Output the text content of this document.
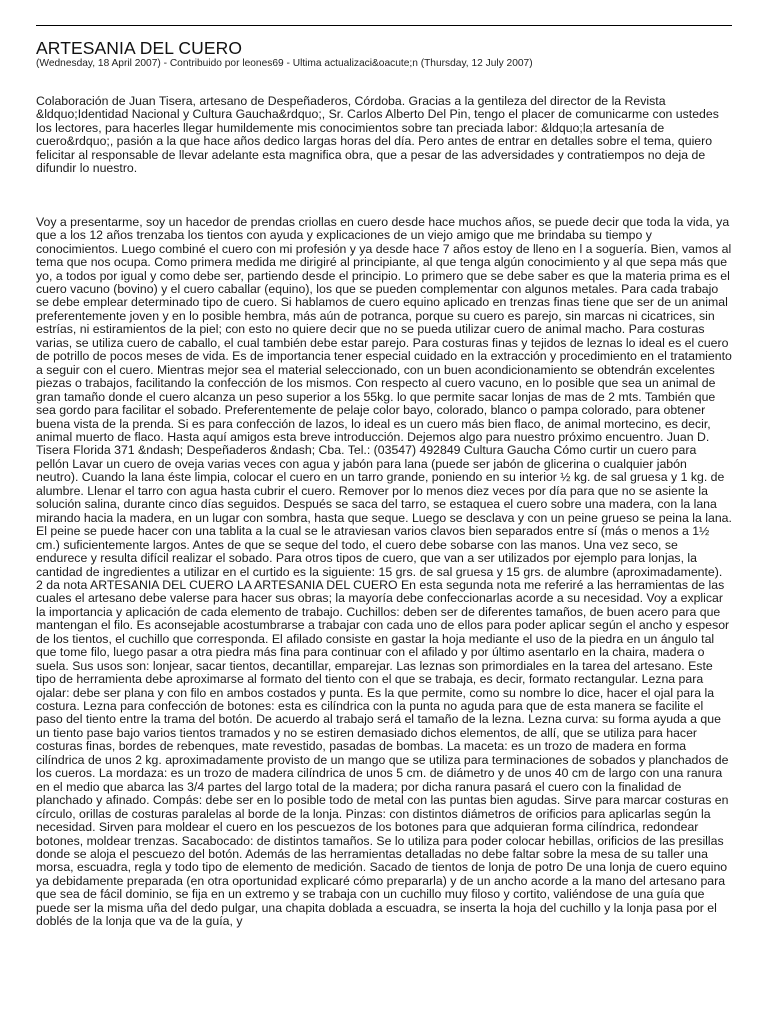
ARTESANIA DEL CUERO

(Wednesday, 18 April 2007) - Contribuido por leones69 - Ultima actualizaci&oacute;n (Thursday, 12 July 2007)

Colaboración de Juan Tisera, artesano de Despeñaderos, Córdoba. Gracias a la gentileza del director de la Revista &ldquo;Identidad Nacional y Cultura Gaucha&rdquo;, Sr. Carlos Alberto Del Pin, tengo el placer de comunicarme con ustedes los lectores, para hacerles llegar humildemente mis conocimientos sobre tan preciada labor: &ldquo;la artesanía de cuero&rdquo;, pasión a la que hace años dedico largas horas del día. Pero antes de entrar en detalles sobre el tema, quiero felicitar al responsable de llevar adelante esta magnifica obra, que a pesar de las adversidades y contratiempos no deja de difundir lo nuestro.

Voy a presentarme, soy un hacedor de prendas criollas en cuero desde hace muchos años, se puede decir que toda la vida, ya que a los 12 años trenzaba los tientos con ayuda y explicaciones de un viejo amigo que me brindaba su tiempo y conocimientos. Luego combiné el cuero con mi profesión y ya desde hace 7 años estoy de lleno en l a soguería. Bien, vamos al tema que nos ocupa. Como primera medida me dirigiré al principiante, al que tenga algún conocimiento y al que sepa más que yo, a todos por igual y como debe ser, partiendo desde el principio. Lo primero que se debe saber es que la materia prima es el cuero vacuno (bovino) y el cuero caballar (equino), los que se pueden complementar con algunos metales. Para cada trabajo se debe emplear determinado tipo de cuero. Si hablamos de cuero equino aplicado en trenzas finas tiene que ser de un animal preferentemente joven y en lo posible hembra, más aún de potranca, porque su cuero es parejo, sin marcas ni cicatrices, sin estrías, ni estiramientos de la piel; con esto no quiere decir que no se pueda utilizar cuero de animal macho. Para costuras varias, se utiliza cuero de caballo, el cual también debe estar parejo. Para costuras finas y tejidos de leznas lo ideal es el cuero de potrillo de pocos meses de vida. Es de importancia tener especial cuidado en la extracción y procedimiento en el tratamiento a seguir con el cuero. Mientras mejor sea el material seleccionado, con un buen acondicionamiento se obtendrán excelentes piezas o trabajos, facilitando la confección de los mismos. Con respecto al cuero vacuno, en lo posible que sea un animal de gran tamaño donde el cuero alcanza un peso superior a los 55kg. lo que permite sacar lonjas de mas de 2 mts. También que sea gordo para facilitar el sobado. Preferentemente de pelaje color bayo, colorado, blanco o pampa colorado, para obtener buena vista de la prenda. Si es para confección de lazos, lo ideal es un cuero más bien flaco, de animal mortecino, es decir, animal muerto de flaco. Hasta aquí amigos esta breve introducción. Dejemos algo para nuestro próximo encuentro. Juan D. Tisera Florida 371 &ndash; Despeñaderos &ndash; Cba. Tel.: (03547) 492849 Cultura Gaucha Cómo curtir un cuero para pellón Lavar un cuero de oveja varias veces con agua y jabón para lana (puede ser jabón de glicerina o cualquier jabón neutro). Cuando la lana éste limpia, colocar el cuero en un tarro grande, poniendo en su interior ½ kg. de sal gruesa y 1 kg. de alumbre. Llenar el tarro con agua hasta cubrir el cuero. Remover por lo menos diez veces por día para que no se asiente la solución salina, durante cinco días seguidos. Después se saca del tarro, se estaquea el cuero sobre una madera, con la lana mirando hacia la madera, en un lugar con sombra, hasta que seque. Luego se desclava y con un peine grueso se peina la lana. El peine se puede hacer con una tablita a la cual se le atraviesan varios clavos bien separados entre sí (más o menos a 1½ cm.) suficientemente largos. Antes de que se seque del todo, el cuero debe sobarse con las manos. Una vez seco, se endurece y resulta difícil realizar el sobado. Para otros tipos de cuero, que van a ser utilizados por ejemplo para lonjas, la cantidad de ingredientes a utilizar en el curtido es la siguiente: 15 grs. de sal gruesa y 15 grs. de alumbre (aproximadamente). 2 da nota ARTESANIA DEL CUERO LA ARTESANIA DEL CUERO En esta segunda nota me referiré a las herramientas de las cuales el artesano debe valerse para hacer sus obras; la mayoría debe confeccionarlas acorde a su necesidad. Voy a explicar la importancia y aplicación de cada elemento de trabajo. Cuchillos: deben ser de diferentes tamaños, de buen acero para que mantengan el filo. Es aconsejable acostumbrarse a trabajar con cada uno de ellos para poder aplicar según el ancho y espesor de los tientos, el cuchillo que corresponda. El afilado consiste en gastar la hoja mediante el uso de la piedra en un ángulo tal que tome filo, luego pasar a otra piedra más fina para continuar con el afilado y por último asentarlo en la chaira, madera o suela. Sus usos son: lonjear, sacar tientos, decantillar, emparejar. Las leznas son primordiales en la tarea del artesano. Este tipo de herramienta debe aproximarse al formato del tiento con el que se trabaja, es decir, formato rectangular. Lezna para ojalar: debe ser plana y con filo en ambos costados y punta. Es la que permite, como su nombre lo dice, hacer el ojal para la costura. Lezna para confección de botones: esta es cilíndrica con la punta no aguda para que de esta manera se facilite el paso del tiento entre la trama del botón. De acuerdo al trabajo será el tamaño de la lezna. Lezna curva: su forma ayuda a que un tiento pase bajo varios tientos tramados y no se estiren demasiado dichos elementos, de allí, que se utiliza para hacer costuras finas, bordes de rebenques, mate revestido, pasadas de bombas. La maceta: es un trozo de madera en forma cilíndrica de unos 2 kg. aproximadamente provisto de un mango que se utiliza para terminaciones de sobados y planchados de los cueros. La mordaza: es un trozo de madera cilíndrica de unos 5 cm. de diámetro y de unos 40 cm de largo con una ranura en el medio que abarca las 3/4 partes del largo total de la madera; por dicha ranura pasará el cuero con la finalidad de planchado y afinado. Compás: debe ser en lo posible todo de metal con las puntas bien agudas. Sirve para marcar costuras en círculo, orillas de costuras paralelas al borde de la lonja. Pinzas: con distintos diámetros de orificios para aplicarlas según la necesidad. Sirven para moldear el cuero en los pescuezos de los botones para que adquieran forma cilíndrica, redondear botones, moldear trenzas. Sacabocado: de distintos tamaños. Se lo utiliza para poder colocar hebillas, orificios de las presillas donde se aloja el pescuezo del botón. Además de las herramientas detalladas no debe faltar sobre la mesa de su taller una morsa, escuadra, regla y todo tipo de elemento de medición. Sacado de tientos de lonja de potro De una lonja de cuero equino ya debidamente preparada (en otra oportunidad explicaré cómo prepararla) y de un ancho acorde a la mano del artesano para que sea de fácil dominio, se fija en un extremo y se trabaja con un cuchillo muy filoso y cortito, valiéndose de una guía que puede ser la misma uña del dedo pulgar, una chapita doblada a escuadra, se inserta la hoja del cuchillo y la lonja pasa por el doblés de la lonja que va de la guía, y
